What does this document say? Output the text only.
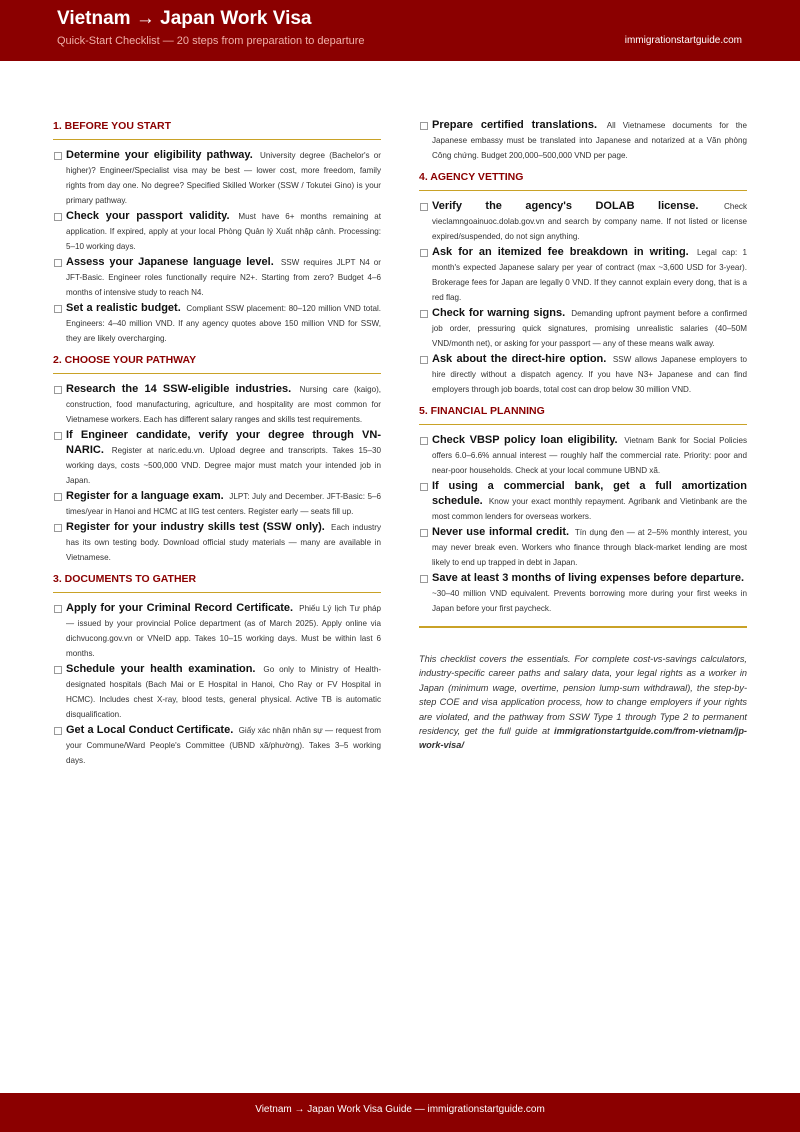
Vietnam → Japan Work Visa
Quick-Start Checklist — 20 steps from preparation to departure	immigrationstartguide.com
1. BEFORE YOU START
Determine your eligibility pathway. University degree (Bachelor's or higher)? Engineer/Specialist visa may be best — lower cost, more freedom, family rights from day one. No degree? Specified Skilled Worker (SSW / Tokutei Gino) is your primary pathway.
Check your passport validity. Must have 6+ months remaining at application. If expired, apply at your local Phòng Quản lý Xuất nhập cảnh. Processing: 5–10 working days.
Assess your Japanese language level. SSW requires JLPT N4 or JFT-Basic. Engineer roles functionally require N2+. Starting from zero? Budget 4–6 months of intensive study to reach N4.
Set a realistic budget. Compliant SSW placement: 80–120 million VND total. Engineers: 4–40 million VND. If any agency quotes above 150 million VND for SSW, they are likely overcharging.
2. CHOOSE YOUR PATHWAY
Research the 14 SSW-eligible industries. Nursing care (kaigo), construction, food manufacturing, agriculture, and hospitality are most common for Vietnamese workers. Each has different salary ranges and skills test requirements.
If Engineer candidate, verify your degree through VN-NARIC. Register at naric.edu.vn. Upload degree and transcripts. Takes 15–30 working days, costs ~500,000 VND. Degree major must match your intended job in Japan.
Register for a language exam. JLPT: July and December. JFT-Basic: 5–6 times/year in Hanoi and HCMC at IIG test centers. Register early — seats fill up.
Register for your industry skills test (SSW only). Each industry has its own testing body. Download official study materials — many are available in Vietnamese.
3. DOCUMENTS TO GATHER
Apply for your Criminal Record Certificate. Phiếu Lý lịch Tư pháp — issued by your provincial Police department (as of March 2025). Apply online via dichvucong.gov.vn or VNeID app. Takes 10–15 working days. Must be within last 6 months.
Schedule your health examination. Go only to Ministry of Health-designated hospitals (Bach Mai or E Hospital in Hanoi, Cho Ray or FV Hospital in HCMC). Includes chest X-ray, blood tests, general physical. Active TB is automatic disqualification.
Get a Local Conduct Certificate. Giấy xác nhận nhân sự — request from your Commune/Ward People's Committee (UBND xã/phường). Takes 3–5 working days.
Prepare certified translations. All Vietnamese documents for the Japanese embassy must be translated into Japanese and notarized at a Văn phòng Công chứng. Budget 200,000–500,000 VND per page.
4. AGENCY VETTING
Verify the agency's DOLAB license.	Check vieclamngoainuoc.dolab.gov.vn and search by company name. If not listed or license expired/suspended, do not sign anything.
Ask for an itemized fee breakdown in writing. Legal cap: 1 month's expected Japanese salary per year of contract (max ~3,600 USD for 3-year). Brokerage fees for Japan are legally 0 VND. If they cannot explain every dong, that is a red flag.
Check for warning signs. Demanding upfront payment before a confirmed job order, pressuring quick signatures, promising unrealistic salaries (40–50M VND/month net), or asking for your passport — any of these means walk away.
Ask about the direct-hire option. SSW allows Japanese employers to hire directly without a dispatch agency. If you have N3+ Japanese and can find employers through job boards, total cost can drop below 30 million VND.
5. FINANCIAL PLANNING
Check VBSP policy loan eligibility. Vietnam Bank for Social Policies offers 6.0–6.6% annual interest — roughly half the commercial rate. Priority: poor and near-poor households. Check at your local commune UBND xã.
If using a commercial bank, get a full amortization schedule. Know your exact monthly repayment. Agribank and Vietinbank are the most common lenders for overseas workers.
Never use informal credit. Tín dụng đen — at 2–5% monthly interest, you may never break even. Workers who finance through black-market lending are most likely to end up trapped in debt in Japan.
Save at least 3 months of living expenses before departure. ~30–40 million VND equivalent. Prevents borrowing more during your first weeks in Japan before your first paycheck.
This checklist covers the essentials. For complete cost-vs-savings calculators, industry-specific career paths and salary data, your legal rights as a worker in Japan (minimum wage, overtime, pension lump-sum withdrawal), the step-by-step COE and visa application process, how to change employers if your rights are violated, and the pathway from SSW Type 1 through Type 2 to permanent residency, get the full guide at immigrationstartguide.com/from-vietnam/jp-work-visa/
Vietnam → Japan Work Visa Guide — immigrationstartguide.com
